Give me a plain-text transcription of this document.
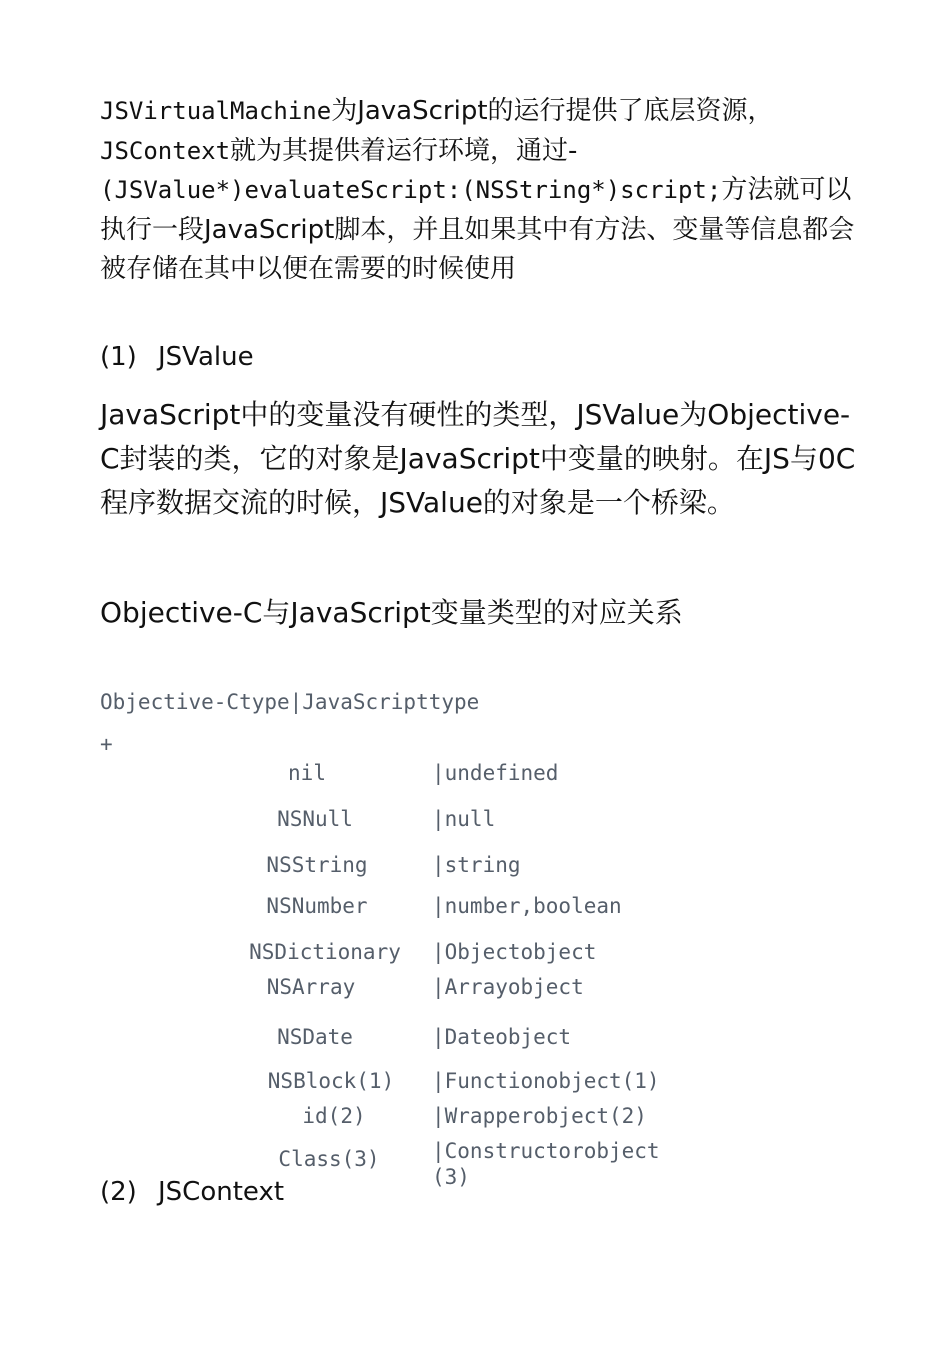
JSVirtualMachine为JavaScript的运行提供了底层资源，JSContext就为其提供着运行环境，通过-(JSValue*)evaluateScript:(NSString*)script;方法就可以执行一段JavaScript脚本，并且如果其中有方法、变量等信息都会被存储在其中以便在需要的时候使用

(1) JSValue

JavaScript中的变量没有硬性的类型，JSValue为Objective-C封装的类，它的对象是JavaScript中变量的映射。在JS与0C程序数据交流的时候，JSValue的对象是一个桥梁。

Objective-C与JavaScript变量类型的对应关系

Objective-Ctype|JavaScripttype
+
nil	|undefined
NSNull	|null
NSString	|string
NSNumber	|number,boolean
NSDictionary	|Objectobject
NSArray	|Arrayobject
NSDate	|Dateobject
NSBlock(1)	|Functionobject(1)
id(2)	|Wrapperobject(2)
Class(3)	|Constructorobject(3)

(2) JSContext
